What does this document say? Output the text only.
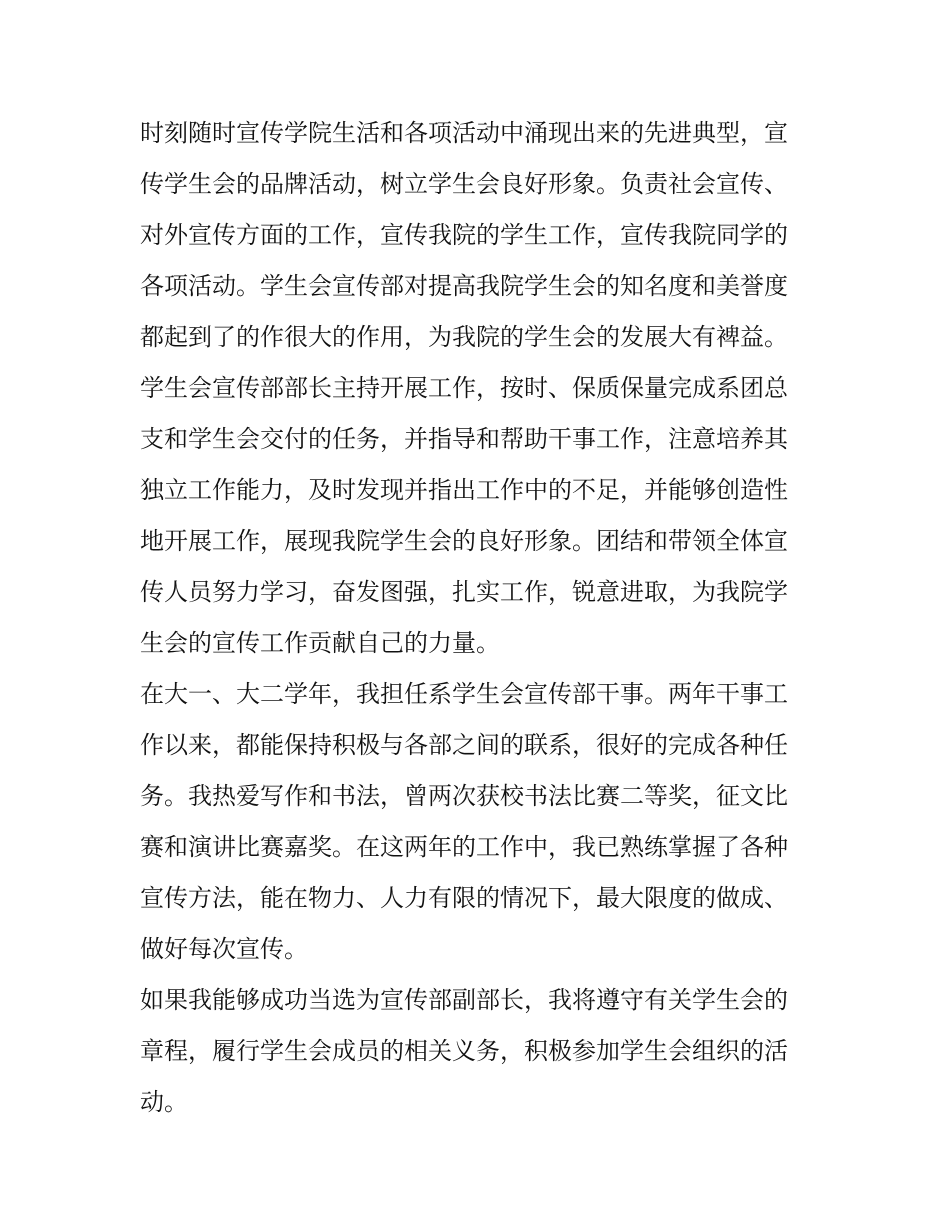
时刻随时宣传学院生活和各项活动中涌现出来的先进典型，宣
传学生会的品牌活动，树立学生会良好形象。负责社会宣传、
对外宣传方面的工作，宣传我院的学生工作，宣传我院同学的
各项活动。学生会宣传部对提高我院学生会的知名度和美誉度
都起到了的作很大的作用，为我院的学生会的发展大有裨益。
学生会宣传部部长主持开展工作，按时、保质保量完成系团总
支和学生会交付的任务，并指导和帮助干事工作，注意培养其
独立工作能力，及时发现并指出工作中的不足，并能够创造性
地开展工作，展现我院学生会的良好形象。团结和带领全体宣
传人员努力学习，奋发图强，扎实工作，锐意进取，为我院学
生会的宣传工作贡献自己的力量。
在大一、大二学年，我担任系学生会宣传部干事。两年干事工
作以来，都能保持积极与各部之间的联系，很好的完成各种任
务。我热爱写作和书法，曾两次获校书法比赛二等奖，征文比
赛和演讲比赛嘉奖。在这两年的工作中，我已熟练掌握了各种
宣传方法，能在物力、人力有限的情况下，最大限度的做成、
做好每次宣传。
如果我能够成功当选为宣传部副部长，我将遵守有关学生会的
章程，履行学生会成员的相关义务，积极参加学生会组织的活
动。
